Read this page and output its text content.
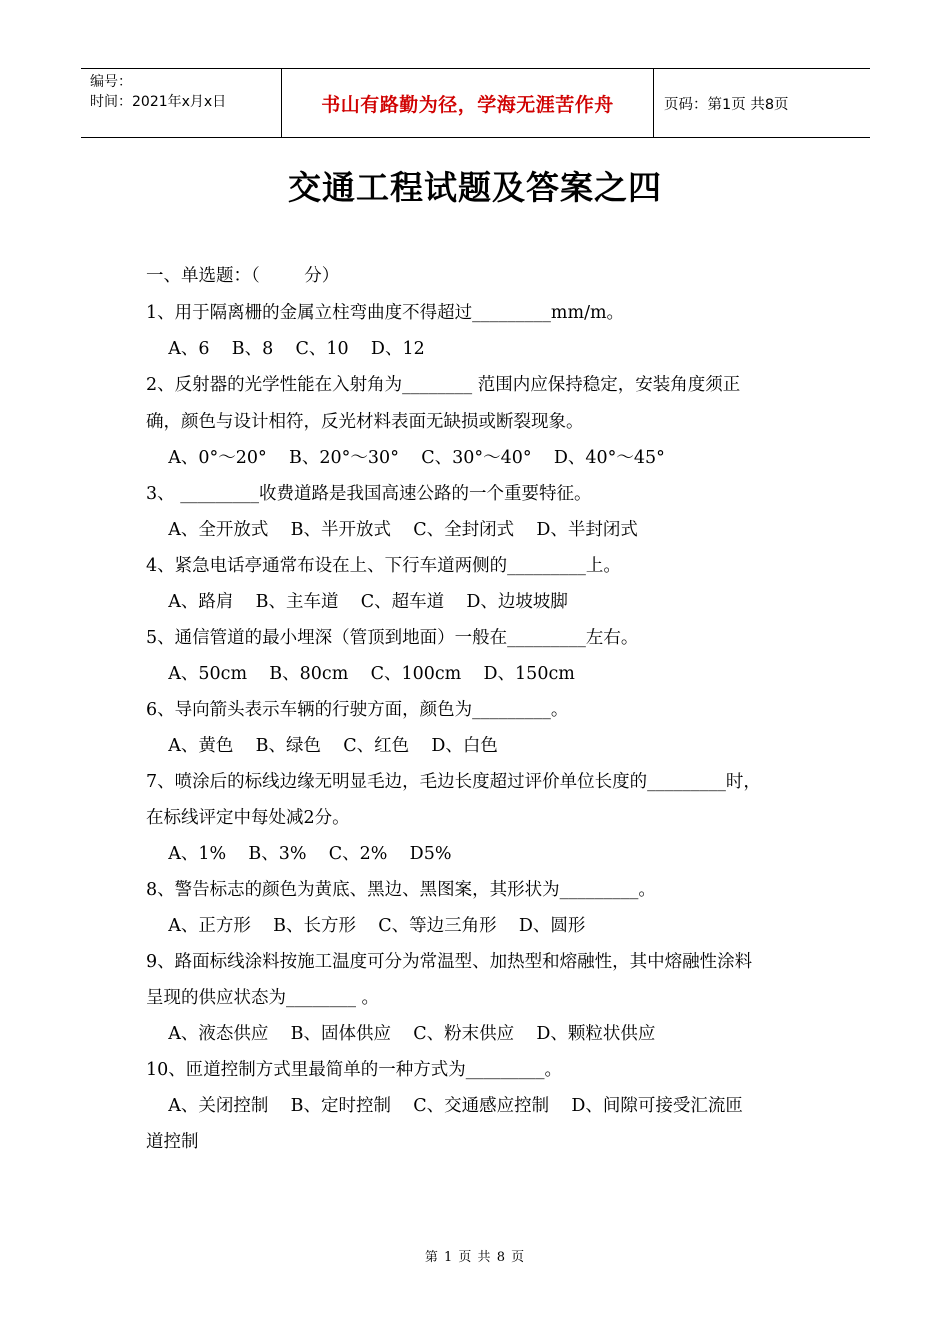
编号：
时间：2021年x月x日	书山有路勤为径，学海无涯苦作舟	页码：第1页 共8页
交通工程试题及答案之四
一、单选题：（        分）
1、用于隔离栅的金属立柱弯曲度不得超过_________mm/m。
A、6    B、8    C、10    D、12
2、反射器的光学性能在入射角为________ 范围内应保持稳定，安装角度须正
确，颜色与设计相符，反光材料表面无缺损或断裂现象。
A、0°～20°    B、20°～30°    C、30°～40°    D、40°～45°
3、 _________收费道路是我国高速公路的一个重要特征。
A、全开放式    B、半开放式    C、全封闭式    D、半封闭式
4、紧急电话亭通常布设在上、下行车道两侧的_________上。
A、路肩    B、主车道    C、超车道    D、边坡坡脚
5、通信管道的最小埋深（管顶到地面）一般在_________左右。
A、50cm    B、80cm    C、100cm    D、150cm
6、导向箭头表示车辆的行驶方面，颜色为_________。
A、黄色    B、绿色    C、红色    D、白色
7、喷涂后的标线边缘无明显毛边，毛边长度超过评价单位长度的_________时，
在标线评定中每处减2分。
A、1%    B、3%    C、2%    D5%
8、警告标志的颜色为黄底、黑边、黑图案，其形状为_________。
A、正方形    B、长方形    C、等边三角形    D、圆形
9、路面标线涂料按施工温度可分为常温型、加热型和熔融性，其中熔融性涂料
呈现的供应状态为________ 。
A、液态供应    B、固体供应    C、粉末供应    D、颗粒状供应
10、匝道控制方式里最简单的一种方式为_________。
A、关闭控制    B、定时控制    C、交通感应控制    D、间隙可接受汇流匝
道控制
第 1 页 共 8 页
